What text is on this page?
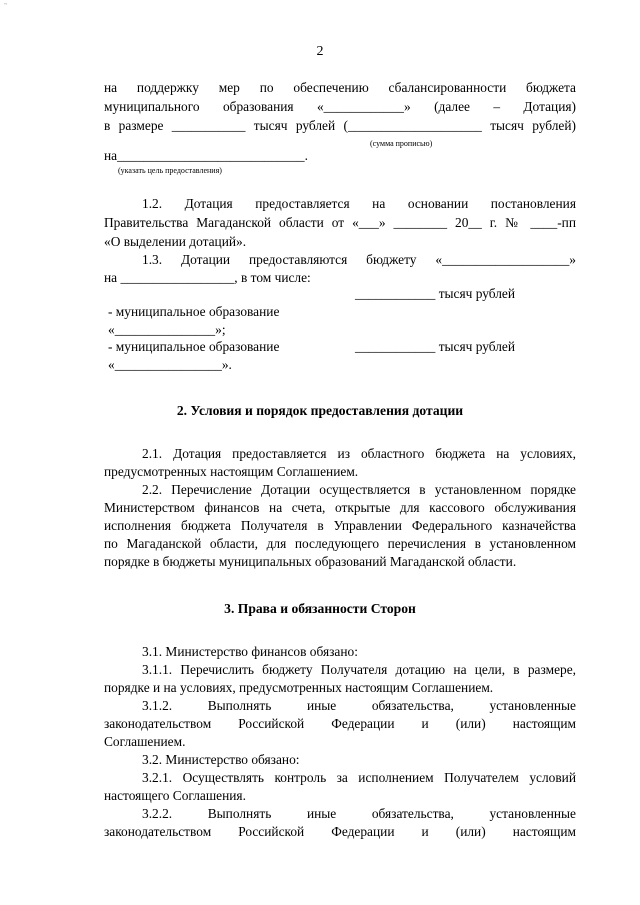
~
2
на поддержку мер по обеспечению сбалансированности бюджета
муниципального образования «____________» (далее – Дотация)
в размере ___________ тысяч рублей (____________________ тысяч рублей)
(сумма прописью)
на____________________________.
(указать цель предоставления)
1.2. Дотация предоставляется на основании постановления
Правительства Магаданской области от «___» ________ 20__ г. № ____-пп
«О выделении дотаций».
1.3. Дотации предоставляются бюджету «___________________»
на _________________, в том числе:
____________ тысяч рублей
- муниципальное образование
«_______________»;
- муниципальное образование	____________ тысяч рублей
«________________».
2. Условия и порядок предоставления дотации
2.1. Дотация предоставляется из областного бюджета на условиях,
предусмотренных настоящим Соглашением.
2.2. Перечисление Дотации осуществляется в установленном порядке
Министерством финансов на счета, открытые для кассового обслуживания
исполнения бюджета Получателя в Управлении Федерального казначейства
по Магаданской области, для последующего перечисления в установленном
порядке в бюджеты муниципальных образований Магаданской области.
3. Права и обязанности Сторон
3.1. Министерство финансов обязано:
3.1.1. Перечислить бюджету Получателя дотацию на цели, в размере,
порядке и на условиях, предусмотренных настоящим Соглашением.
3.1.2. Выполнять иные обязательства, установленные
законодательством Российской Федерации и (или) настоящим
Соглашением.
3.2. Министерство обязано:
3.2.1. Осуществлять контроль за исполнением Получателем условий
настоящего Соглашения.
3.2.2. Выполнять иные обязательства, установленные
законодательством Российской Федерации и (или) настоящим
